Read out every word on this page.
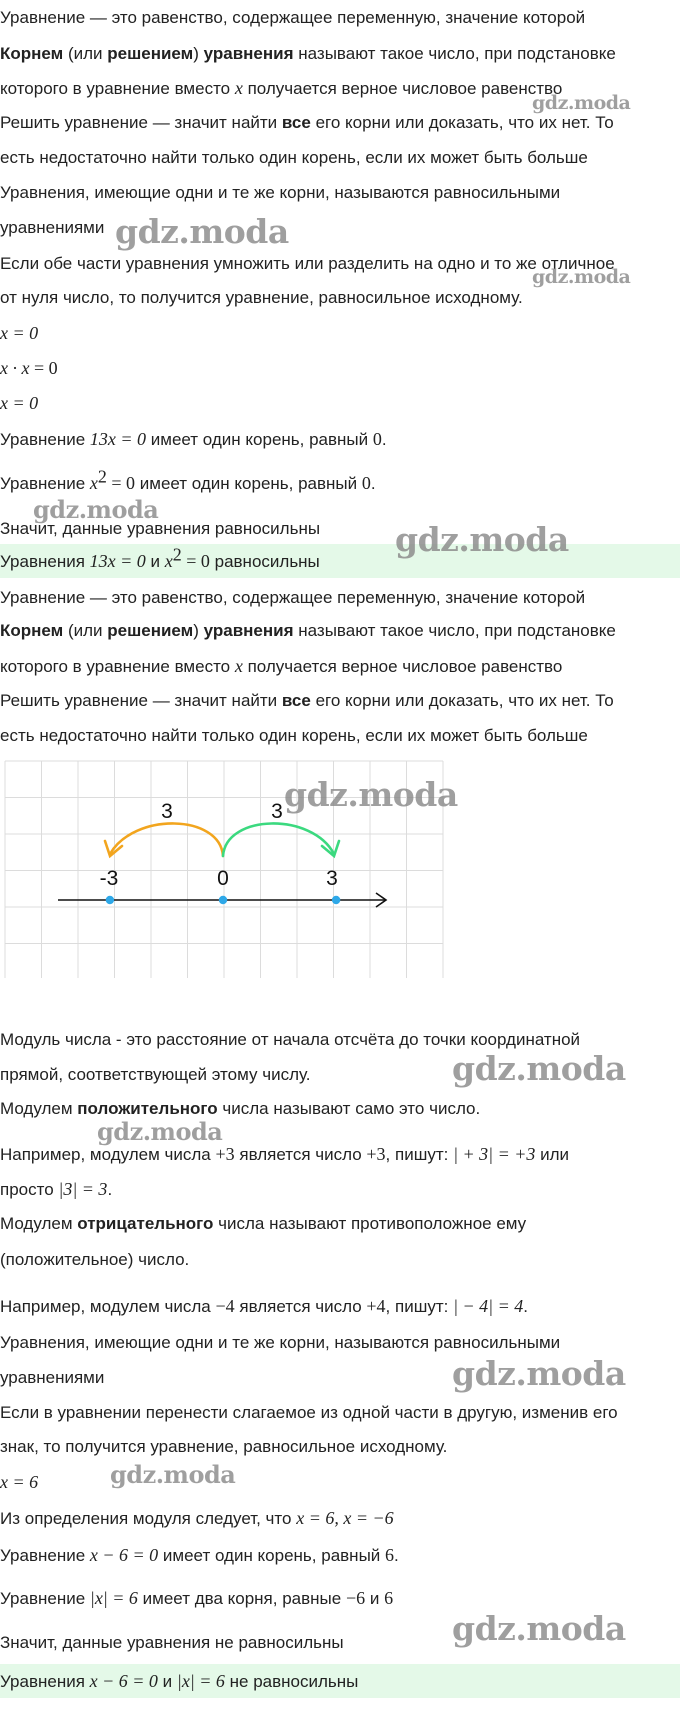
Уравнение — это равенство, содержащее переменную, значение которой
Корнем (или решением) уравнения называют такое число, при подстановке
которого в уравнение вместо x получается верное числовое равенство
Решить уравнение — значит найти все его корни или доказать, что их нет. То
есть недостаточно найти только один корень, если их может быть больше
Уравнения, имеющие одни и те же корни, называются равносильными
уравнениями
Если обе части уравнения умножить или разделить на одно и то же отличное
от нуля число, то получится уравнение, равносильное исходному.
x = 0
x · x = 0
x = 0
Уравнение 13x = 0 имеет один корень, равный 0.
Уравнение $x^2 = 0$ имеет один корень, равный 0.
Значит, данные уравнения равносильны
Уравнения 13x = 0 и $x^2 = 0$ равносильны
Уравнение — это равенство, содержащее переменную, значение которой
Корнем (или решением) уравнения называют такое число, при подстановке
которого в уравнение вместо x получается верное числовое равенство
Решить уравнение — значит найти все его корни или доказать, что их нет. То
есть недостаточно найти только один корень, если их может быть больше
3	3
-3	0	3
Модуль числа - это расстояние от начала отсчёта до точки координатной
прямой, соответствующей этому числу.
Модулем положительного числа называют само это число.
Например, модулем числа +3 является число +3, пишут: | + 3| = +3 или
просто |3| = 3.
Модулем отрицательного числа называют противоположное ему
(положительное) число.
Например, модулем числа −4 является число +4, пишут: | − 4| = 4.
Уравнения, имеющие одни и те же корни, называются равносильными
уравнениями
Если в уравнении перенести слагаемое из одной части в другую, изменив его
знак, то получится уравнение, равносильное исходному.
x = 6
Из определения модуля следует, что x = 6, x = −6
Уравнение x − 6 = 0 имеет один корень, равный 6.
Уравнение |x| = 6 имеет два корня, равные −6 и 6
Значит, данные уравнения не равносильны
Уравнения x − 6 = 0 и |x| = 6 не равносильны
gdz.moda
gdz.moda
gdz.moda
gdz.moda
gdz.moda
gdz.moda
gdz.moda
gdz.moda
gdz.moda
gdz.moda
gdz.moda
